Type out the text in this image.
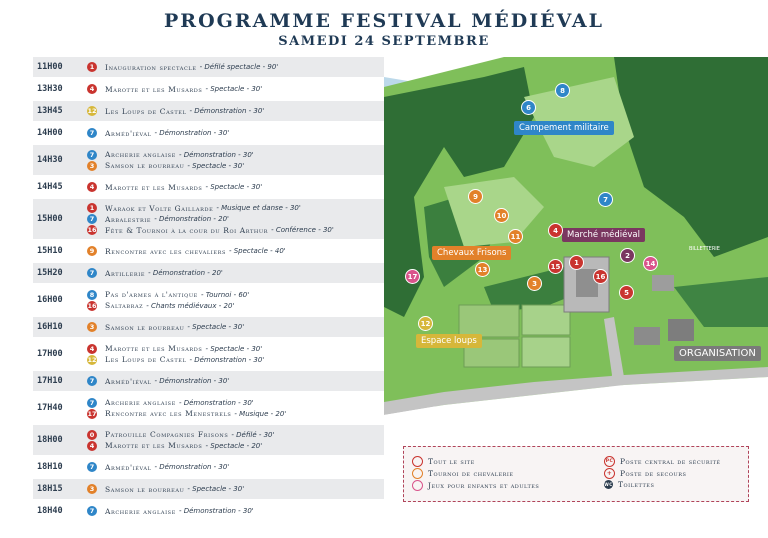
PROGRAMME FESTIVAL MÉDIÉVAL
SAMEDI 24 SEPTEMBRE
11H00	1	Inauguration spectacle - Défilé spectacle - 90'
13H30	4	Marotte et les Musards - Spectacle - 30'
13H45	12 Les Loups de Castel - Démonstration - 30'
14H00	7	Arméd'iéval - Démonstration - 30'
14H30
7	Archerie anglaise - Démonstration - 30'
3	Samson le bourreau - Spectacle - 30'
14H45	4	Marotte et les Musards - Spectacle - 30'
15H00
1	Waraok et Volte Gaillarde - Musique et danse - 30'
7	Arbalestrie - Démonstration - 20'
16 Fête & Tournoi à la cour du Roi Arthur - Conférence - 30'
15H10	9	Rencontre avec les chevaliers - Spectacle - 40'
15H20	7	Artillerie - Démonstration - 20'
16H00
8	Pas d'armes à l'antique - Tournoi - 60'
16 Saltabraz - Chants médiévaux - 20'
16H10	3	Samson le bourreau - Spectacle - 30'
17H00
4	Marotte et les Musards - Spectacle - 30'
12 Les Loups de Castel - Démonstration - 30'
17H10	7	Arméd'iéval - Démonstration - 30'
17H40
7	Archerie anglaise - Démonstration - 30'
17 Rencontre avec les Menestrels - Musique - 20'
18H00
0	Patrouille Compagnies Frisons - Défilé - 30'
4	Marotte et les Musards - Spectacle - 20'
18H10	7	Arméd'iéval - Démonstration - 30'
18H15	3	Samson le bourreau - Spectacle - 30'
18H40	7	Archerie anglaise - Démonstration - 30'
Campement militaire
Marché médiéval
Chevaux Frisons
Espace loups
ORGANISATION
BILLETTERIE
6
8
7
9
10
11
13
3
12
17
4
1
15
16
5
2
14
Tout le site
Tournoi de chevalerie
Jeux pour enfants et adultes
PC Poste central de sécurité
+	Poste de secours
wc Toilettes
